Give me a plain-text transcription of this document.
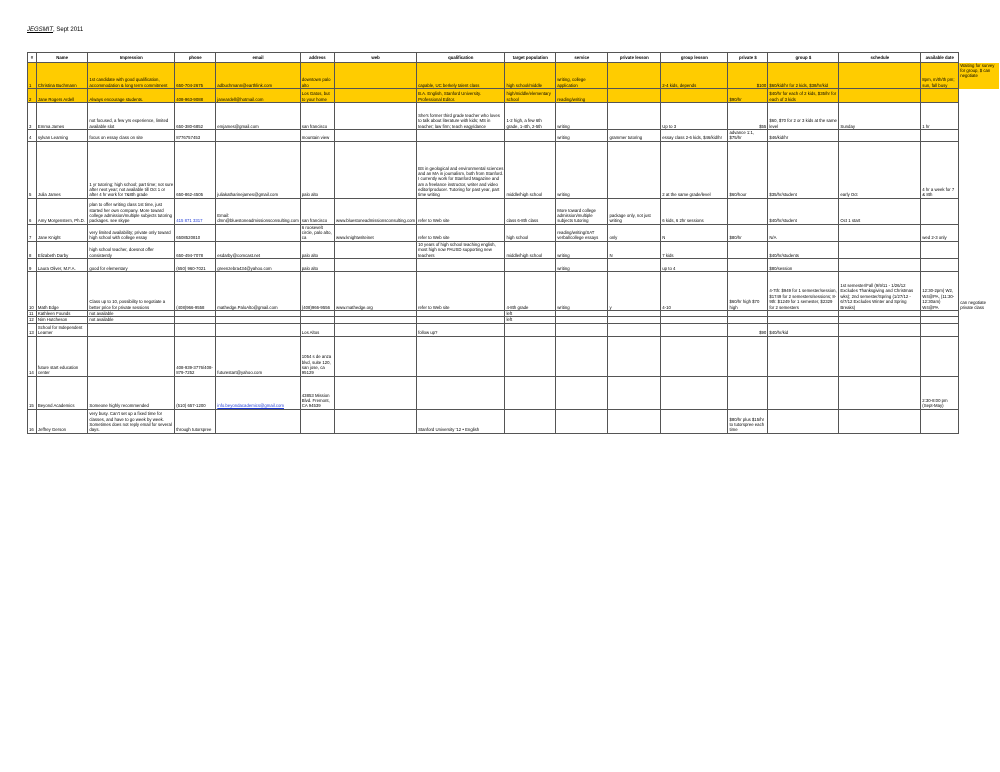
JEGSMIT, Sept 2011
#	Name	Impression	phone	email	address	web	qualification	target population	service	private lesson	group lesson	private $	group $	schedule	available date	
1	Christina Buchmann	1st candidate with good qualification, accommodation & long term commitment	650-704-2675	adbuchmann@earthlink.com	downtown palo alto		capable, UC berkely talent class	high school/middle	writing, college application		2-4 kids, depends	$100	$60/kid/hr for 2 kids, $38/hr/kid		8pm, m/th/th pm; sun, fall busy	Waiting for survey for group, $ can negotiate
2	Jane Rogers Ardell	Always encourage students.	408-963-9088	janeardell@hotmail.com	Los Gatos, but to your home		B.A. English, Stanford University. Professional Editor.	high/middle/elementary school	reading/writing			$90/hr	$40/hr for each of 2 kids, $35/hr for each of 3 kids			
3	Emma James	not focused, a few yrs experience, limited available slot	650-380-6852	emjames@gmail.com	san francisco		She's former third grade teacher who loves to talk about literature with kids; MS in teacher; law firm; teach eagy/dance	1-2 high, a few 6th grade, 1-4th, 2-5th	writing		Up to 3	$55	$60, $70 for 2 or 3 kids at the same level	Sunday	1 hr	
4	sylvan Learning	focus on essay class on site	8776757453		mountain view				writing	grammer tutoring	essay class 2-6 kids, $46/kid/hr	advance 1:1, $75/hr	$46/kid/hr			
5	Julia James	1 yr tutoring; high school; part time; not sure after next year; not available till Oct 1 or after 4 hr work for 7&8th grade	650-862-4505	juliakatharinejames@gmail.com	palo alto		BS in geological and environmental sciences and an MA in journalism, both from Stanford. I currently work for Stanford Magazine and am a freelance instructor, writer and video editor/producer. Tutoring for past year, part time writing	middle/high school	writing		2 at the same grade/level	$60/hour	$35/hr/student	early Oct	4 hr a week for 7 & 8th	
6	Amy Morgenstern, Ph.D.	plan to offer writing class 1st time, just started her own company. More toward college admission/multiple subjects tutoring packages. see skype	415 871 3317	Email: dmn@bluestoneadmissionsconsulting.com	san francisco	www.bluestoneadmissionsconsulting.com	refer to Web site	class 6-8th class	More toward college admission/multiple subjects tutoring	package only, not just writing	6 kids, 6 2hr sessions		$40/hr/student	Oct 1 start		
7	Jane Knight	very limited availability; private only toward high school with college essay	6508520810		6 roosevelt circle, palo alto, ca	www.knightwriteinet	refer to Web site	high school	reading/writing/SAT verbal/college essays	only	N	$80/hr	N/A		wed 2-3 only	
8	Elizabeth Darby	high school teacher, doesnot offer consistently	650-494-7078	esdarby@comcast.net	palo alto		10 years of high school teaching english, most high now PAUSD supporting new teachers	middle/high school	writing	N	7 kids		$40/hr/students			
9	Laura Oliver, M.F.A.	good for elementary	(650) 960-7021	greenzebra434@yahoo.com	palo alto				writing		up to 4		$80/session			
10	Math Edge	Class up to 10, possibility to negotiate a better price for private sessions	(408)966-9558	mathedge.PaloAlto@gmail.com	(408)966-9556	www.mathedge.org	refer to Web site	4-8th grade	writing	y	4-10	$60/hr high $70 high	4-7th: $949 for 1 semester/session, $1749 for 2 semesters/sessions; 8-9th: $1249 for 1 semester, $2329 for 2 semesters	1st semester/Fall (9/9/11 - 1/26/12 Excludes Thanksgiving and Christmas wks); 2nd semester/Spring (1/27/12 - 6/7/12 Excludes Winter and Spring Breaks)	12:30-2pm) W2, W4@PA, (11:30-12:30am) W4@PA	can negotiate private class
11	Kathleen Founds	not available						left								
12	Nim Hutcheson	not available						left								
13	School for Independent Learner				Los Altos		follow up?					$90	$40/hr/kid			
14	future start education center		408-939-3776/408-879-7252	futurestart@yahoo.com	1054 s de anza blvd, suite 120, san jose, ca 95129											
15	Beyond Academics	Someone highly recommended	(510) 657-1200	info.beyondacademics@gmail.com	43853 Mission Blvd. Fremont, CA 94539										2:30-8:00 pm (Sept-May)	
16	Jeffrey Gerson	very busy. Can't set up a fixed time for classes, and have to go week by week. Sometimes does not reply email for several days.	through tutorspree				Stanford University '12 • English					$80/hr plus $15/hr to tutorspree each time				
